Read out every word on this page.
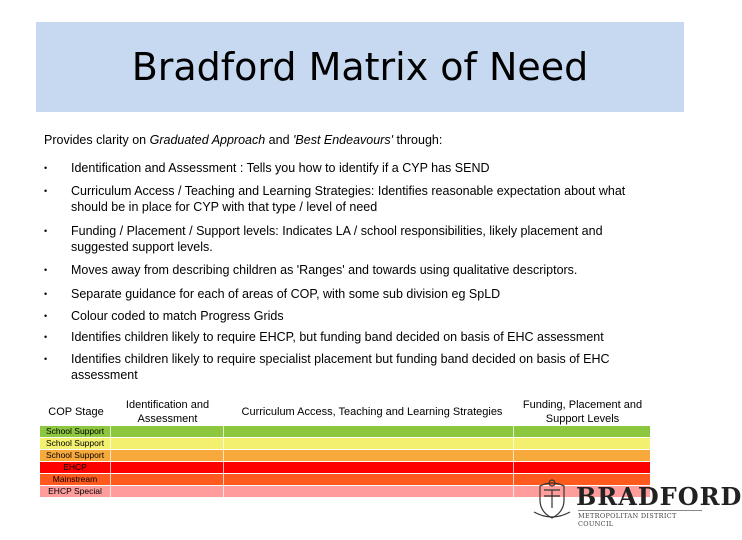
Bradford Matrix of Need
Provides clarity on Graduated Approach and 'Best Endeavours' through:
• Identification and Assessment : Tells you how to identify if a CYP has SEND
• Curriculum Access / Teaching and Learning Strategies: Identifies reasonable expectation about what should be in place for CYP with that type / level of need
• Funding / Placement / Support levels: Indicates LA / school responsibilities, likely placement and suggested support levels.
• Moves away from describing children as 'Ranges' and towards using qualitative descriptors.
• Separate guidance for each of areas of COP, with some sub division eg SpLD
• Colour coded to match Progress Grids
• Identifies children likely to require EHCP, but funding band decided on basis of EHC assessment
• Identifies children likely to require specialist placement but funding band decided on basis of EHC assessment
COP Stage
Identification and Assessment
Curriculum Access, Teaching and Learning Strategies
Funding, Placement and Support Levels
School Support
School Support
School Support
EHCP
Mainstream
EHCP Special	BRADFORD
METROPOLITAN DISTRICT COUNCIL
